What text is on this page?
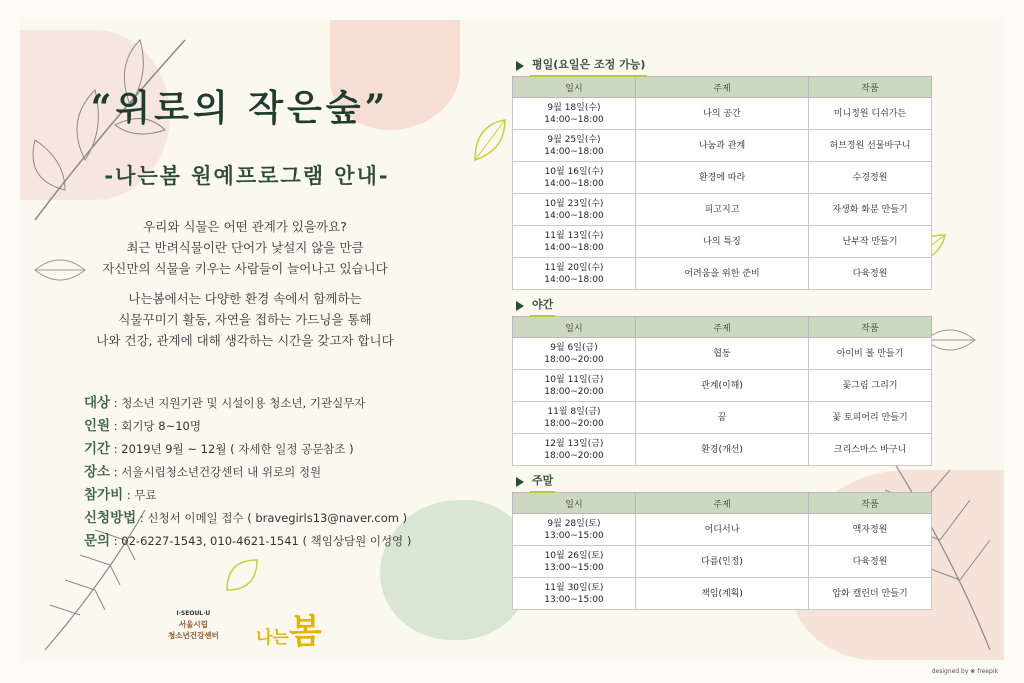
“위로의 작은숲”
-나는봄 원예프로그램 안내-

우리와 식물은 어떤 관계가 있을까요?
최근 반려식물이란 단어가 낯설지 않을 만큼
자신만의 식물을 키우는 사람들이 늘어나고 있습니다

나는봄에서는 다양한 환경 속에서 함께하는
식물꾸미기 활동, 자연을 접하는 가드닝을 통해
나와 건강, 관계에 대해 생각하는 시간을 갖고자 합니다

대상 : 청소년 지원기관 및 시설이용 청소년, 기관실무자
인원 : 회기당 8~10명
기간 : 2019년 9월 ~ 12월 ( 자세한 일정 공문참조 )
장소 : 서울시립청소년건강센터 내 위로의 정원
참가비 : 무료
신청방법 : 신청서 이메일 접수 ( bravegirls13@naver.com )
문의 : 02-6227-1543, 010-4621-1541 ( 책임상담원 이성영 )
평일(요일은 조정 가능)
일시	주제	작품
9월 18일(수)
14:00~18:00	나의 공간	미니정원 디쉬가든
9월 25일(수)
14:00~18:00	나눔과 관계	허브정원 선물바구니
10월 16일(수)
14:00~18:00	환경에 따라	수경정원
10월 23일(수)
14:00~18:00	피고지고	자생화 화분 만들기
11월 13일(수)
14:00~18:00	나의 특징	난부작 만들기
11월 20일(수)
14:00~18:00	어려움을 위한 준비	다육정원
야간
일시	주제	작품
9월 6일(금)
18:00~20:00	협동	아이비 볼 만들기
10월 11일(금)
18:00~20:00	관계(이해)	꽃그림 그리기
11월 8일(금)
18:00~20:00	꿈	꽃 토피어리 만들기
12월 13일(금)
18:00~20:00	환경(개선)	크리스마스 바구니
주말
일시	주제	작품
9월 28일(토)
13:00~15:00	어디서나	액자정원
10월 26일(토)
13:00~15:00	다름(인정)	다육정원
11월 30일(토)
13:00~15:00	책임(계획)	압화 캘린더 만들기
I·SEOUL·U
서울시립
청소년건강센터 나는봄
designed by ❀ freepik
